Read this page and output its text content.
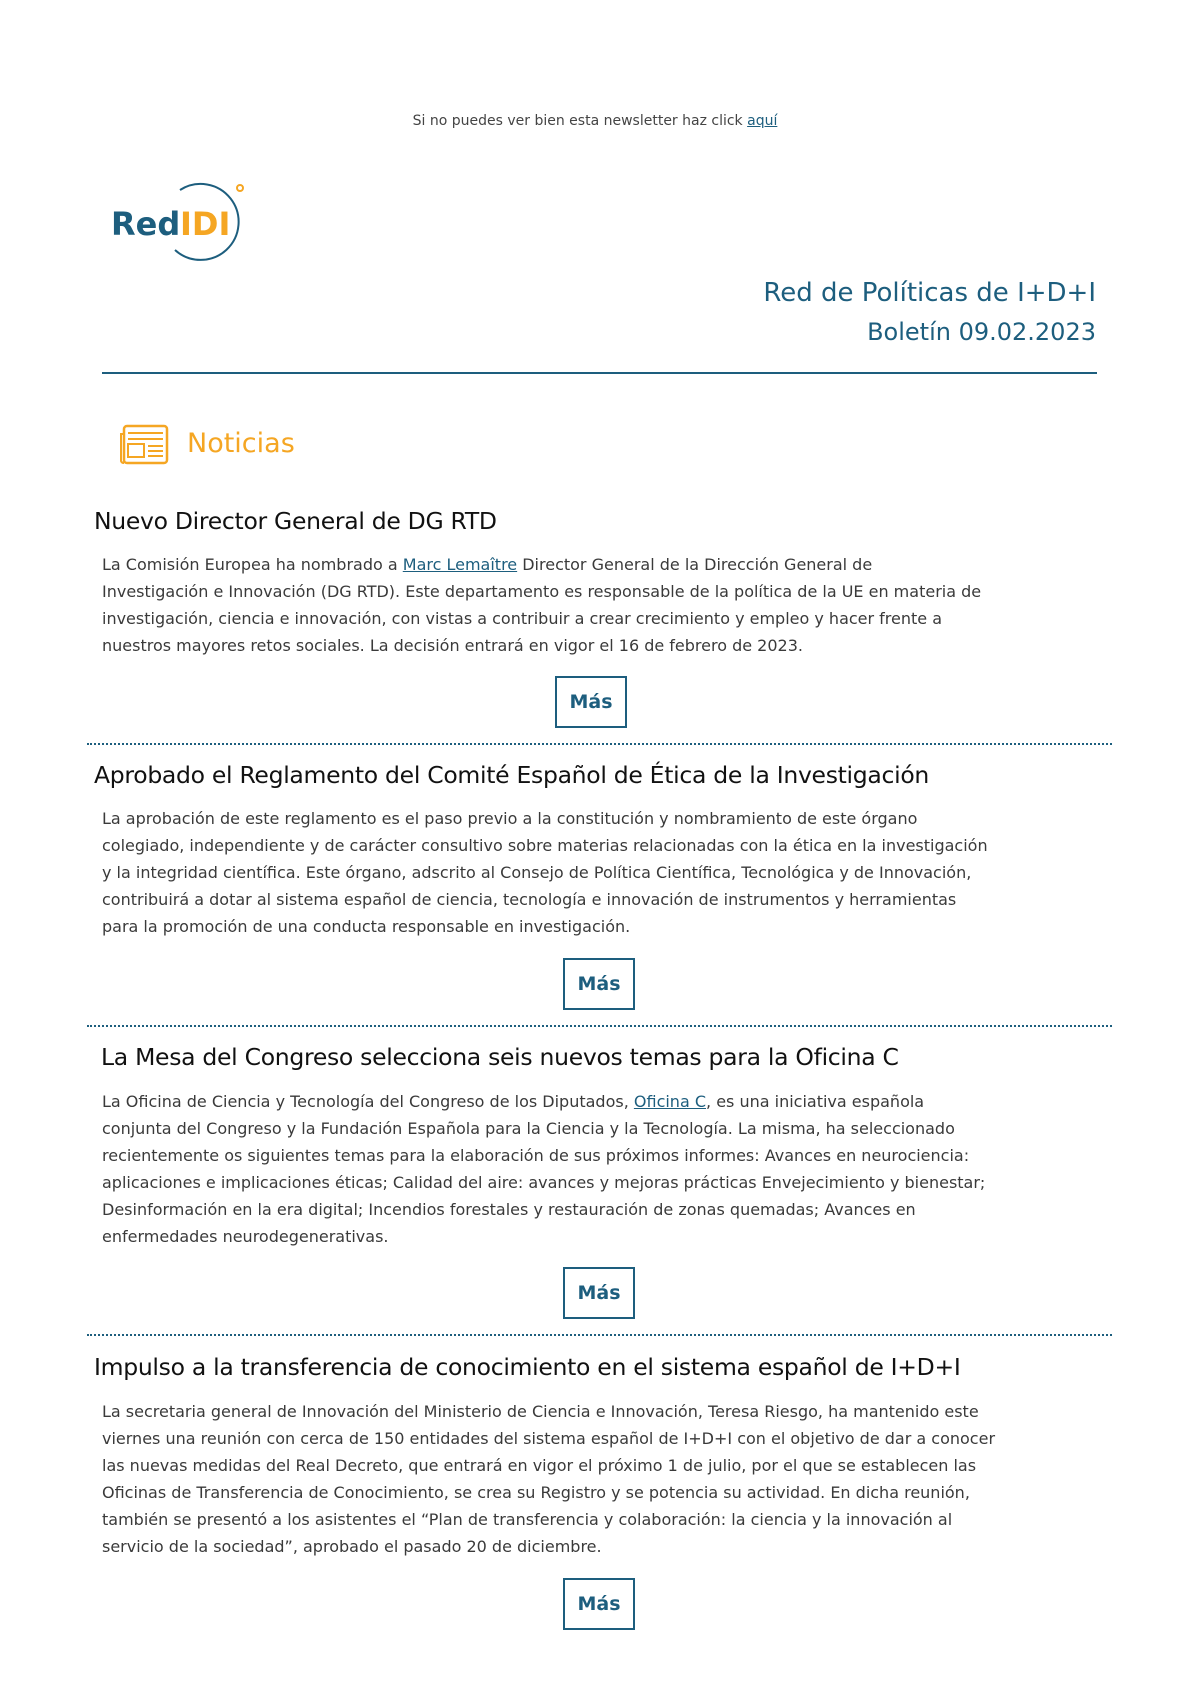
Si no puedes ver bien esta newsletter haz click aquí
Red IDI
Red de Políticas de I+D+I
Boletín 09.02.2023
Noticias
Nuevo Director General de DG RTD
La Comisión Europea ha nombrado a Marc Lemaître Director General de la Dirección General de
Investigación e Innovación (DG RTD). Este departamento es responsable de la política de la UE en materia de
investigación, ciencia e innovación, con vistas a contribuir a crear crecimiento y empleo y hacer frente a
nuestros mayores retos sociales. La decisión entrará en vigor el 16 de febrero de 2023.
Más
Aprobado el Reglamento del Comité Español de Ética de la Investigación
La aprobación de este reglamento es el paso previo a la constitución y nombramiento de este órgano
colegiado, independiente y de carácter consultivo sobre materias relacionadas con la ética en la investigación
y la integridad científica. Este órgano, adscrito al Consejo de Política Científica, Tecnológica y de Innovación,
contribuirá a dotar al sistema español de ciencia, tecnología e innovación de instrumentos y herramientas
para la promoción de una conducta responsable en investigación.
Más
La Mesa del Congreso selecciona seis nuevos temas para la Oficina C
La Oficina de Ciencia y Tecnología del Congreso de los Diputados, Oficina C, es una iniciativa española
conjunta del Congreso y la Fundación Española para la Ciencia y la Tecnología. La misma, ha seleccionado
recientemente os siguientes temas para la elaboración de sus próximos informes: Avances en neurociencia:
aplicaciones e implicaciones éticas; Calidad del aire: avances y mejoras prácticas Envejecimiento y bienestar;
Desinformación en la era digital; Incendios forestales y restauración de zonas quemadas; Avances en
enfermedades neurodegenerativas.
Más
Impulso a la transferencia de conocimiento en el sistema español de I+D+I
La secretaria general de Innovación del Ministerio de Ciencia e Innovación, Teresa Riesgo, ha mantenido este
viernes una reunión con cerca de 150 entidades del sistema español de I+D+I con el objetivo de dar a conocer
las nuevas medidas del Real Decreto, que entrará en vigor el próximo 1 de julio, por el que se establecen las
Oficinas de Transferencia de Conocimiento, se crea su Registro y se potencia su actividad. En dicha reunión,
también se presentó a los asistentes el “Plan de transferencia y colaboración: la ciencia y la innovación al
servicio de la sociedad”, aprobado el pasado 20 de diciembre.
Más
